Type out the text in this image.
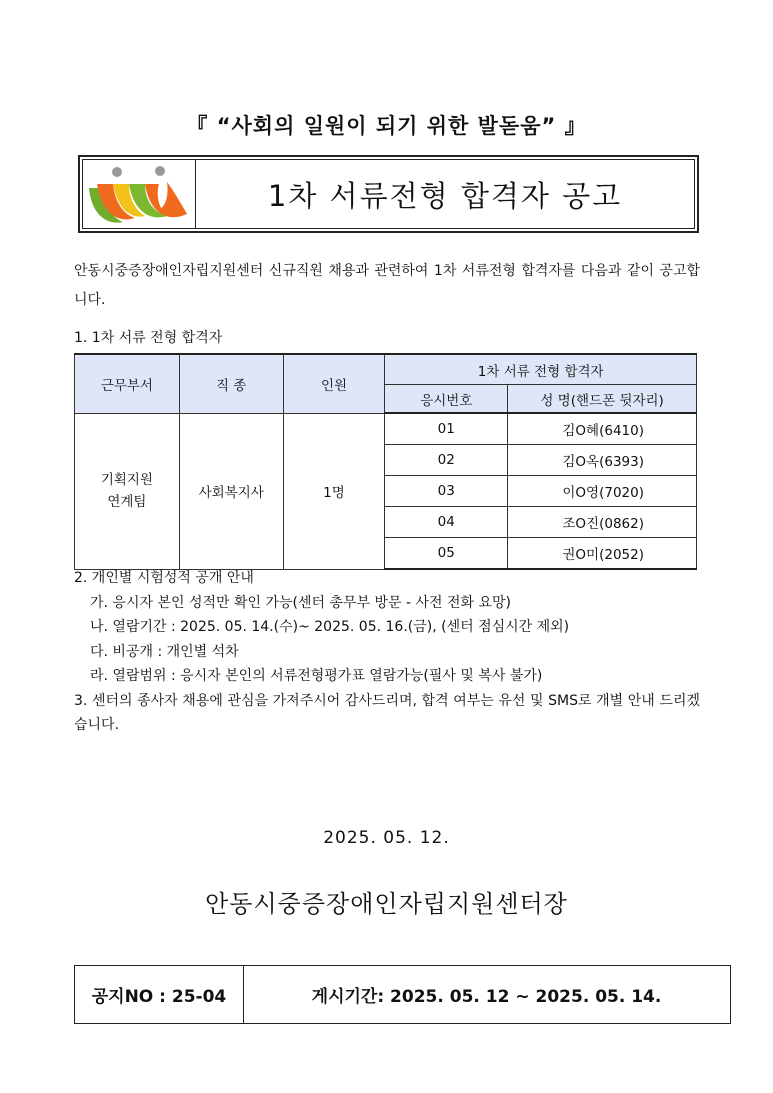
『 “사회의 일원이 되기 위한 발돋움” 』
1차 서류전형 합격자 공고
안동시중증장애인자립지원센터 신규직원 채용과 관련하여 1차 서류전형 합격자를 다음과 같이 공고합니다.
1. 1차 서류 전형 합격자
근무부서	직 종	인원	1차 서류 전형 합격자	
			응시번호	성 명(핸드폰 뒷자리)
기획지원
연계팀	사회복지사	1명	01	김O혜(6410)
			02	김O옥(6393)
			03	이O영(7020)
			04	조O진(0862)
			05	권O미(2052)
2. 개인별 시험성적 공개 안내
가. 응시자 본인 성적만 확인 가능(센터 총무부 방문 - 사전 전화 요망)
나. 열람기간 : 2025. 05. 14.(수)~ 2025. 05. 16.(금), (센터 점심시간 제외)
다. 비공개 : 개인별 석차
라. 열람범위 : 응시자 본인의 서류전형평가표 열람가능(필사 및 복사 불가)
3. 센터의 종사자 채용에 관심을 가져주시어 감사드리며, 합격 여부는 유선 및 SMS로 개별 안내 드리겠습니다.
2025. 05. 12.
안동시중증장애인자립지원센터장
공지NO : 25-04	게시기간: 2025. 05. 12 ~ 2025. 05. 14.
